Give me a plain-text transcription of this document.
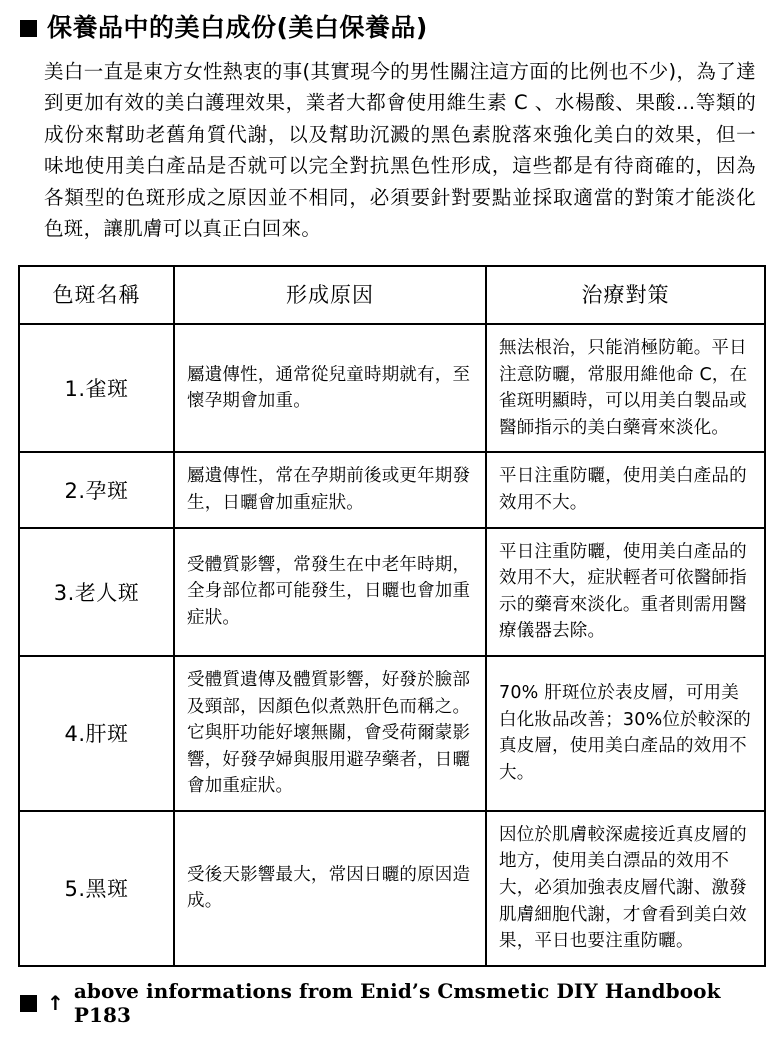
保養品中的美白成份(美白保養品)

美白一直是東方女性熱衷的事(其實現今的男性關注這方面的比例也不少)，為了達到更加有效的美白護理效果，業者大都會使用維生素 C 、水楊酸、果酸…等類的成份來幫助老舊角質代謝，以及幫助沉澱的黑色素脫落來強化美白的效果，但一味地使用美白產品是否就可以完全對抗黑色性形成，這些都是有待商確的，因為各類型的色斑形成之原因並不相同，必須要針對要點並採取適當的對策才能淡化色斑，讓肌膚可以真正白回來。

色斑名稱	形成原因	治療對策
1.雀斑	屬遺傳性，通常從兒童時期就有，至懷孕期會加重。	無法根治，只能消極防範。平日注意防曬，常服用維他命 C，在雀斑明顯時，可以用美白製品或醫師指示的美白藥膏來淡化。
2.孕斑	屬遺傳性，常在孕期前後或更年期發生，日曬會加重症狀。	平日注重防曬，使用美白產品的效用不大。
3.老人斑	受體質影響，常發生在中老年時期，全身部位都可能發生，日曬也會加重症狀。	平日注重防曬，使用美白產品的效用不大，症狀輕者可依醫師指示的藥膏來淡化。重者則需用醫療儀器去除。
4.肝斑	受體質遺傳及體質影響，好發於臉部及頸部，因顏色似煮熟肝色而稱之。它與肝功能好壞無關，會受荷爾蒙影響，好發孕婦與服用避孕藥者，日曬會加重症狀。	70% 肝斑位於表皮層，可用美白化妝品改善；30%位於較深的真皮層，使用美白產品的效用不大。
5.黑斑	受後天影響最大，常因日曬的原因造成。	因位於肌膚較深處接近真皮層的地方，使用美白漂品的效用不大，必須加強表皮層代謝、激發肌膚細胞代謝，才會看到美白效果，平日也要注重防曬。
↑ above informations from Enid’s Cmsmetic DIY Handbook P183
